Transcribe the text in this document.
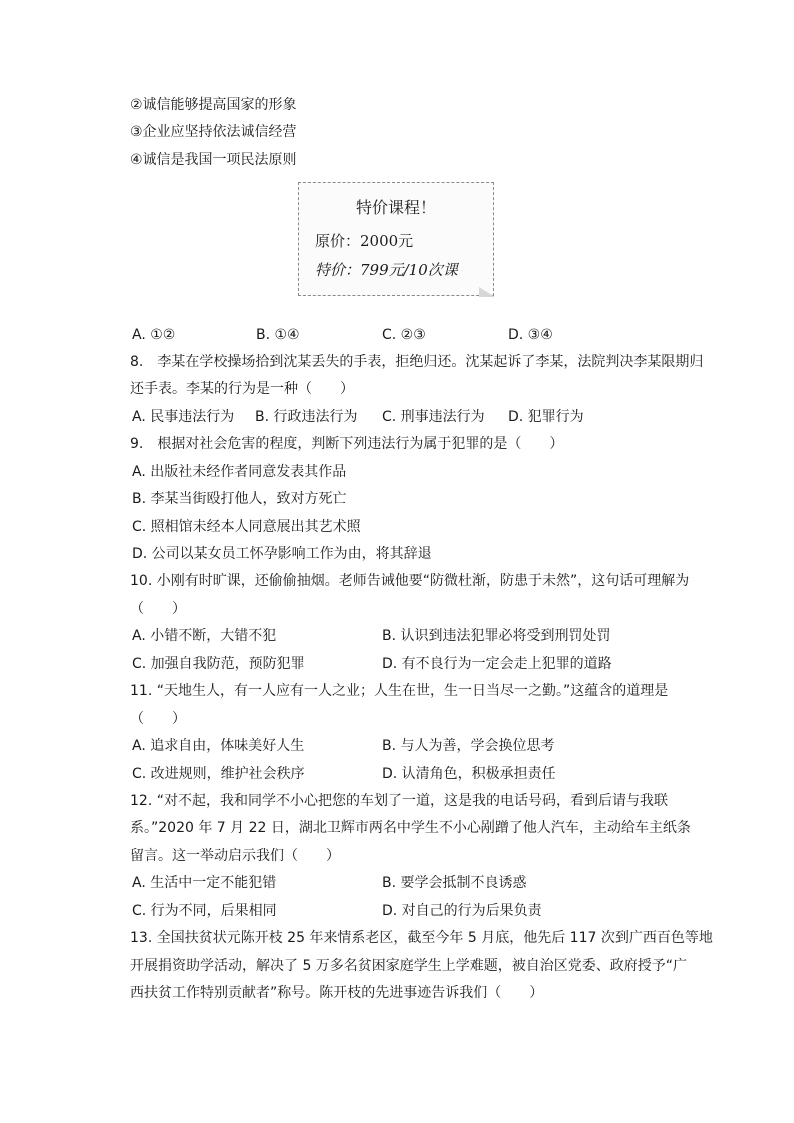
②诚信能够提高国家的形象
③企业应坚持依法诚信经营
④诚信是我国一项民法原则
特价课程！
原价：2000元
特价：799元/10次课
A. ①②	B. ①④	C. ②③	D. ③④
8.　李某在学校操场拾到沈某丢失的手表，拒绝归还。沈某起诉了李某，法院判决李某限期归
还手表。李某的行为是一种（　　）
A. 民事违法行为 B. 行政违法行为 C. 刑事违法行为 D. 犯罪行为
9.　根据对社会危害的程度，判断下列违法行为属于犯罪的是（　　）
A. 出版社未经作者同意发表其作品
B. 李某当街殴打他人，致对方死亡
C. 照相馆未经本人同意展出其艺术照
D. 公司以某女员工怀孕影响工作为由，将其辞退
10. 小刚有时旷课，还偷偷抽烟。老师告诫他要“防微杜渐，防患于未然”，这句话可理解为
（　　）
A. 小错不断，大错不犯	B. 认识到违法犯罪必将受到刑罚处罚
C. 加强自我防范，预防犯罪	D. 有不良行为一定会走上犯罪的道路
11. “天地生人，有一人应有一人之业；人生在世，生一日当尽一之勤。”这蕴含的道理是
（　　）
A. 追求自由，体味美好人生	B. 与人为善，学会换位思考
C. 改进规则，维护社会秩序	D. 认清角色，积极承担责任
12. “对不起，我和同学不小心把您的车划了一道，这是我的电话号码，看到后请与我联
系。”2020 年 7 月 22 日，湖北卫辉市两名中学生不小心剐蹭了他人汽车，主动给车主纸条
留言。这一举动启示我们（　　）
A. 生活中一定不能犯错	B. 要学会抵制不良诱惑
C. 行为不同，后果相同	D. 对自己的行为后果负责
13. 全国扶贫状元陈开枝 25 年来情系老区，截至今年 5 月底，他先后 117 次到广西百色等地
开展捐资助学活动，解决了 5 万多名贫困家庭学生上学难题，被自治区党委、政府授予“广
西扶贫工作特别贡献者”称号。陈开枝的先进事迹告诉我们（　　）
